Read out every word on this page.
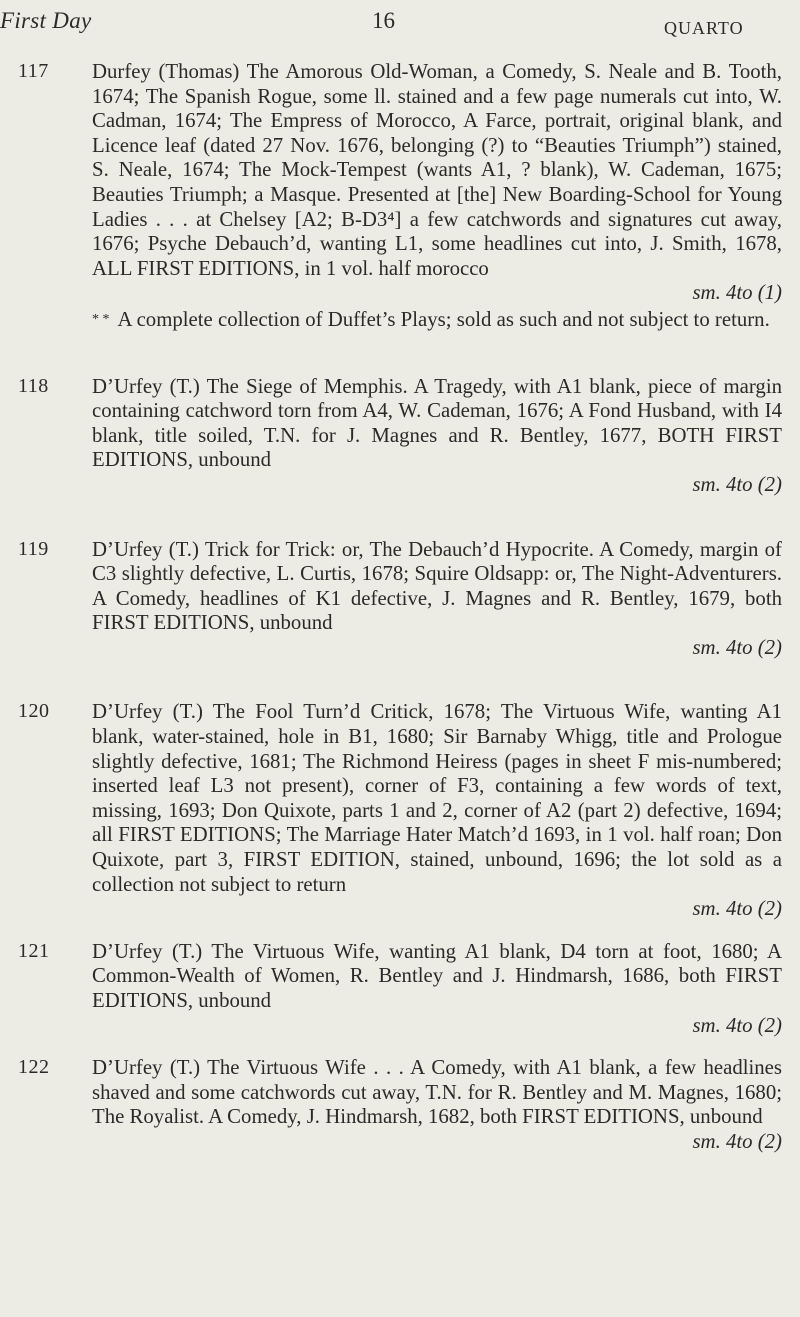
First Day	16	QUARTO
117 Durfey (Thomas) The Amorous Old-Woman, a Comedy, S. Neale and B. Tooth, 1674; The Spanish Rogue, some ll. stained and a few page numerals cut into, W. Cadman, 1674; The Empress of Morocco, A Farce, portrait, original blank, and Licence leaf (dated 27 Nov. 1676, belonging (?) to “Beauties Triumph”) stained, S. Neale, 1674; The Mock-Tempest (wants A1, ? blank), W. Cademan, 1675; Beauties Triumph; a Masque. Presented at [the] New Boarding-School for Young Ladies . . . at Chelsey [A2; B-D3⁴] a few catchwords and signatures cut away, 1676; Psyche Debauch’d, wanting L1, some headlines cut into, J. Smith, 1678, ALL FIRST EDITIONS, in 1 vol. half morocco
sm. 4to (1)
* * A complete collection of Duffet’s Plays; sold as such and not subject to return.
118 D’Urfey (T.) The Siege of Memphis. A Tragedy, with A1 blank, piece of margin containing catchword torn from A4, W. Cademan, 1676; A Fond Husband, with I4 blank, title soiled, T.N. for J. Magnes and R. Bentley, 1677, BOTH FIRST EDITIONS, unbound
sm. 4to (2)
119 D’Urfey (T.) Trick for Trick: or, The Debauch’d Hypocrite. A Comedy, margin of C3 slightly defective, L. Curtis, 1678; Squire Oldsapp: or, The Night-Adventurers. A Comedy, headlines of K1 defective, J. Magnes and R. Bentley, 1679, both FIRST EDITIONS, unbound
sm. 4to (2)
120 D’Urfey (T.) The Fool Turn’d Critick, 1678; The Virtuous Wife, wanting A1 blank, water-stained, hole in B1, 1680; Sir Barnaby Whigg, title and Prologue slightly defective, 1681; The Richmond Heiress (pages in sheet F mis-numbered; inserted leaf L3 not present), corner of F3, containing a few words of text, missing, 1693; Don Quixote, parts 1 and 2, corner of A2 (part 2) defective, 1694; all FIRST EDITIONS; The Marriage Hater Match’d 1693, in 1 vol. half roan; Don Quixote, part 3, FIRST EDITION, stained, unbound, 1696; the lot sold as a collection not subject to return
sm. 4to (2)
121 D’Urfey (T.) The Virtuous Wife, wanting A1 blank, D4 torn at foot, 1680; A Common-Wealth of Women, R. Bentley and J. Hindmarsh, 1686, both FIRST EDITIONS, unbound
sm. 4to (2)
122 D’Urfey (T.) The Virtuous Wife . . . A Comedy, with A1 blank, a few headlines shaved and some catchwords cut away, T.N. for R. Bentley and M. Magnes, 1680; The Royalist. A Comedy, J. Hindmarsh, 1682, both FIRST EDITIONS, unbound
sm. 4to (2)
